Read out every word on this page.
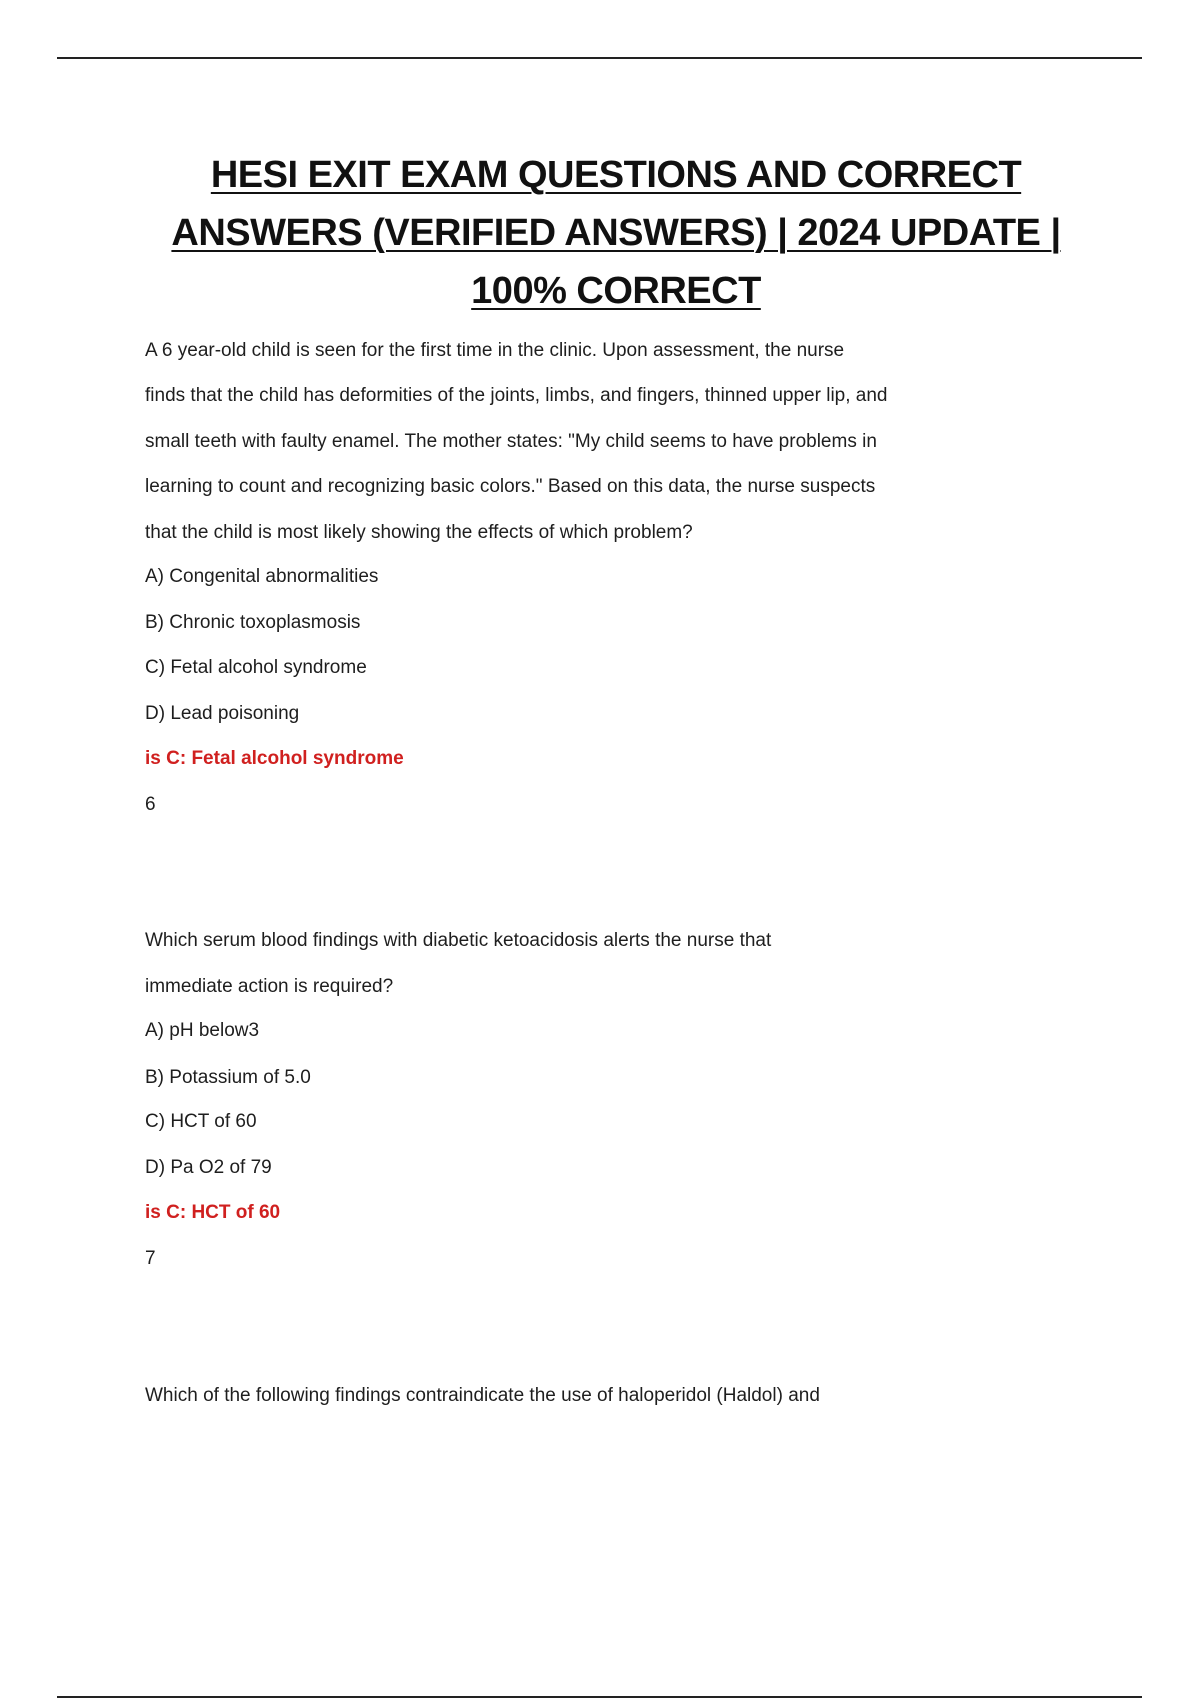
HESI EXIT EXAM QUESTIONS AND CORRECT
ANSWERS (VERIFIED ANSWERS) | 2024 UPDATE |
100% CORRECT
A 6 year-old child is seen for the first time in the clinic. Upon assessment, the nurse
finds that the child has deformities of the joints, limbs, and fingers, thinned upper lip, and
small teeth with faulty enamel. The mother states: "My child seems to have problems in
learning to count and recognizing basic colors." Based on this data, the nurse suspects
that the child is most likely showing the effects of which problem?
A) Congenital abnormalities
B) Chronic toxoplasmosis
C) Fetal alcohol syndrome
D) Lead poisoning
is C: Fetal alcohol syndrome
6
Which serum blood findings with diabetic ketoacidosis alerts the nurse that
immediate action is required?
A) pH below3
B) Potassium of 5.0
C) HCT of 60
D) Pa O2 of 79
is C: HCT of 60
7
Which of the following findings contraindicate the use of haloperidol (Haldol) and
